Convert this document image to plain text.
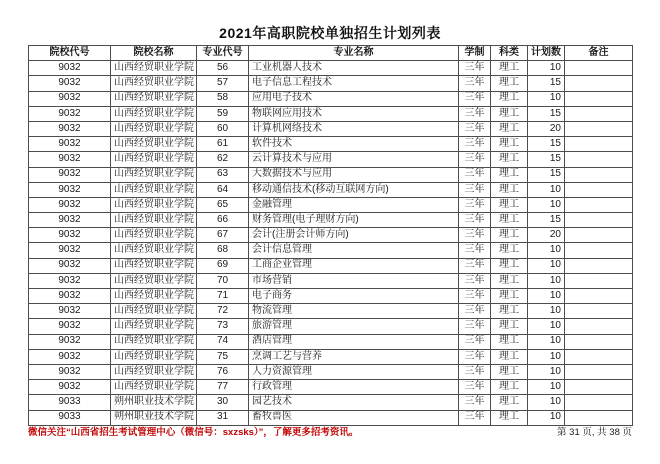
2021年高职院校单独招生计划列表
院校代号	院校名称	专业代号	专业名称	学制	科类	计划数	备注
9032	山西经贸职业学院	56	工业机器人技术	三年	理工	10	
9032	山西经贸职业学院	57	电子信息工程技术	三年	理工	15	
9032	山西经贸职业学院	58	应用电子技术	三年	理工	10	
9032	山西经贸职业学院	59	物联网应用技术	三年	理工	15	
9032	山西经贸职业学院	60	计算机网络技术	三年	理工	20	
9032	山西经贸职业学院	61	软件技术	三年	理工	15	
9032	山西经贸职业学院	62	云计算技术与应用	三年	理工	15	
9032	山西经贸职业学院	63	大数据技术与应用	三年	理工	15	
9032	山西经贸职业学院	64	移动通信技术(移动互联网方向)	三年	理工	10	
9032	山西经贸职业学院	65	金融管理	三年	理工	10	
9032	山西经贸职业学院	66	财务管理(电子理财方向)	三年	理工	15	
9032	山西经贸职业学院	67	会计(注册会计师方向)	三年	理工	20	
9032	山西经贸职业学院	68	会计信息管理	三年	理工	10	
9032	山西经贸职业学院	69	工商企业管理	三年	理工	10	
9032	山西经贸职业学院	70	市场营销	三年	理工	10	
9032	山西经贸职业学院	71	电子商务	三年	理工	10	
9032	山西经贸职业学院	72	物流管理	三年	理工	10	
9032	山西经贸职业学院	73	旅游管理	三年	理工	10	
9032	山西经贸职业学院	74	酒店管理	三年	理工	10	
9032	山西经贸职业学院	75	烹调工艺与营养	三年	理工	10	
9032	山西经贸职业学院	76	人力资源管理	三年	理工	10	
9032	山西经贸职业学院	77	行政管理	三年	理工	10	
9033	朔州职业技术学院	30	园艺技术	三年	理工	10	
9033	朔州职业技术学院	31	畜牧兽医	三年	理工	10	
微信关注“山西省招生考试管理中心（微信号：sxzsks）”，了解更多招考资讯。	第 31 页, 共 38 页
